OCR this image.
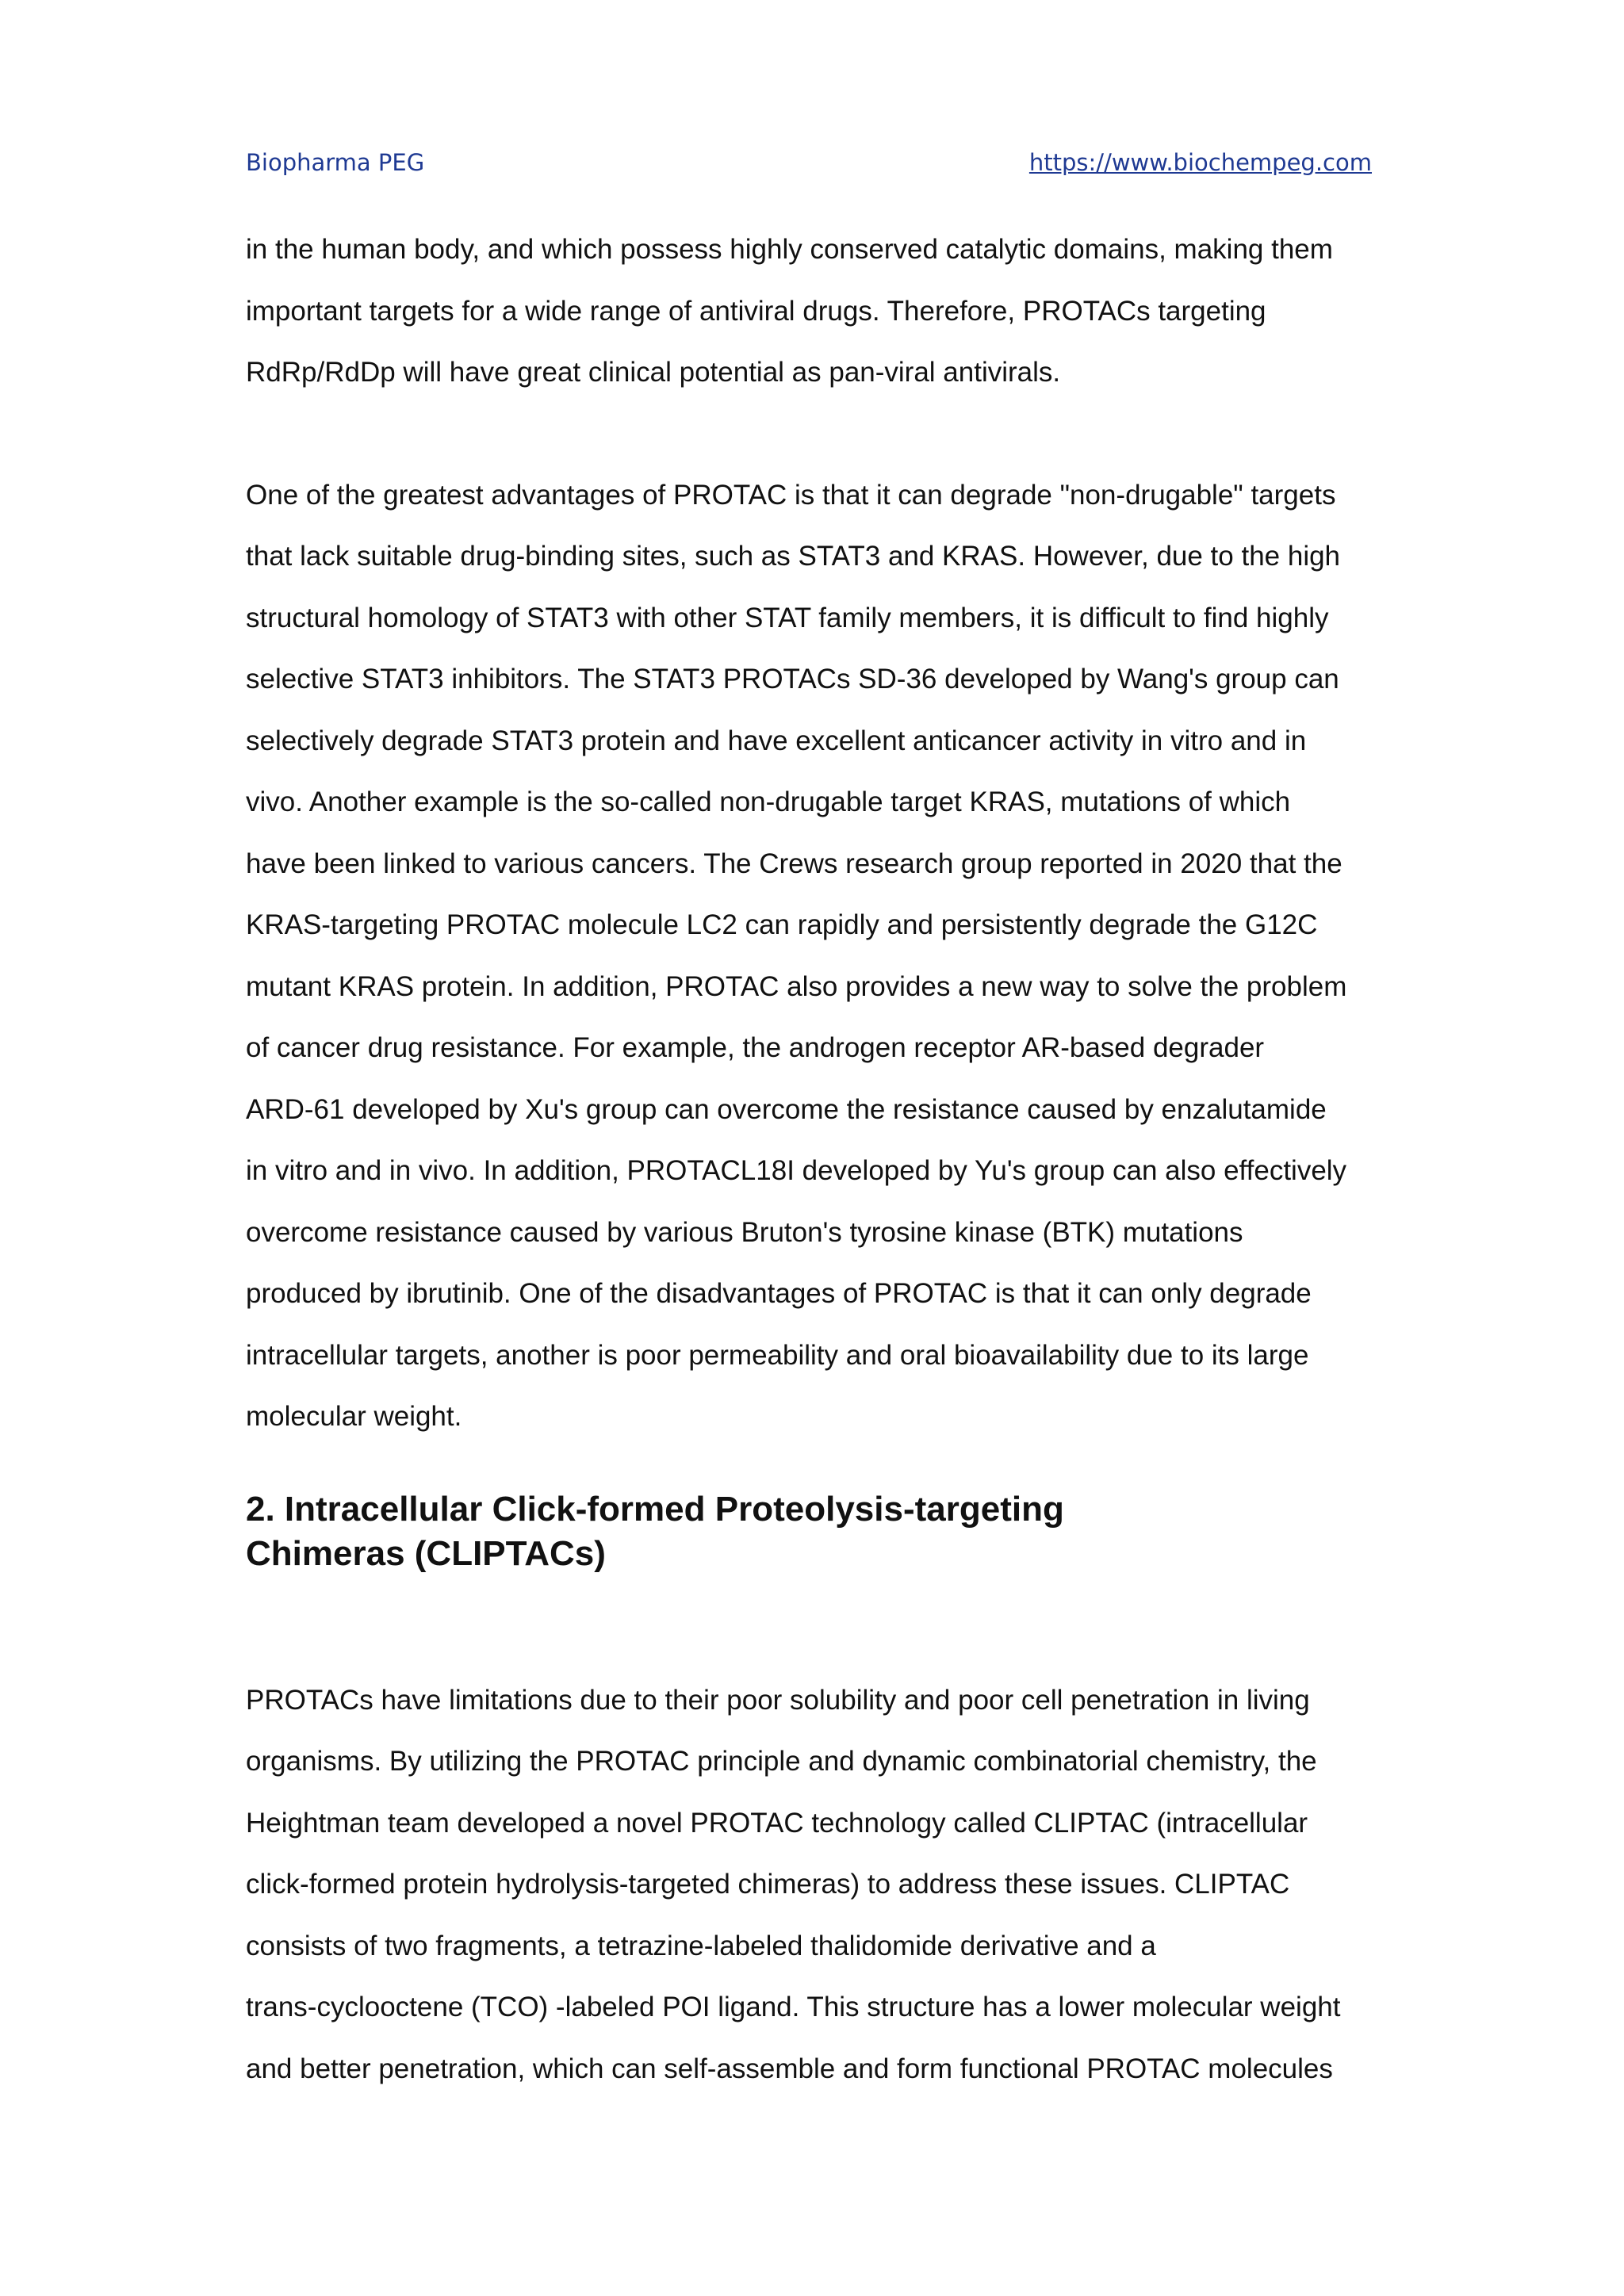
Biopharma PEG	https://www.biochempeg.com

in the human body, and which possess highly conserved catalytic domains, making them
important targets for a wide range of antiviral drugs. Therefore, PROTACs targeting
RdRp/RdDp will have great clinical potential as pan-viral antivirals.

One of the greatest advantages of PROTAC is that it can degrade "non-drugable" targets
that lack suitable drug-binding sites, such as STAT3 and KRAS. However, due to the high
structural homology of STAT3 with other STAT family members, it is difficult to find highly
selective STAT3 inhibitors. The STAT3 PROTACs SD-36 developed by Wang's group can
selectively degrade STAT3 protein and have excellent anticancer activity in vitro and in
vivo. Another example is the so-called non-drugable target KRAS, mutations of which
have been linked to various cancers. The Crews research group reported in 2020 that the
KRAS-targeting PROTAC molecule LC2 can rapidly and persistently degrade the G12C
mutant KRAS protein. In addition, PROTAC also provides a new way to solve the problem
of cancer drug resistance. For example, the androgen receptor AR-based degrader
ARD-61 developed by Xu's group can overcome the resistance caused by enzalutamide
in vitro and in vivo. In addition, PROTACL18I developed by Yu's group can also effectively
overcome resistance caused by various Bruton's tyrosine kinase (BTK) mutations
produced by ibrutinib. One of the disadvantages of PROTAC is that it can only degrade
intracellular targets, another is poor permeability and oral bioavailability due to its large
molecular weight.

2. Intracellular Click-formed Proteolysis-targeting
Chimeras (CLIPTACs)

PROTACs have limitations due to their poor solubility and poor cell penetration in living
organisms. By utilizing the PROTAC principle and dynamic combinatorial chemistry, the
Heightman team developed a novel PROTAC technology called CLIPTAC (intracellular
click-formed protein hydrolysis-targeted chimeras) to address these issues. CLIPTAC
consists of two fragments, a tetrazine-labeled thalidomide derivative and a
trans-cyclooctene (TCO) -labeled POI ligand. This structure has a lower molecular weight
and better penetration, which can self-assemble and form functional PROTAC molecules
